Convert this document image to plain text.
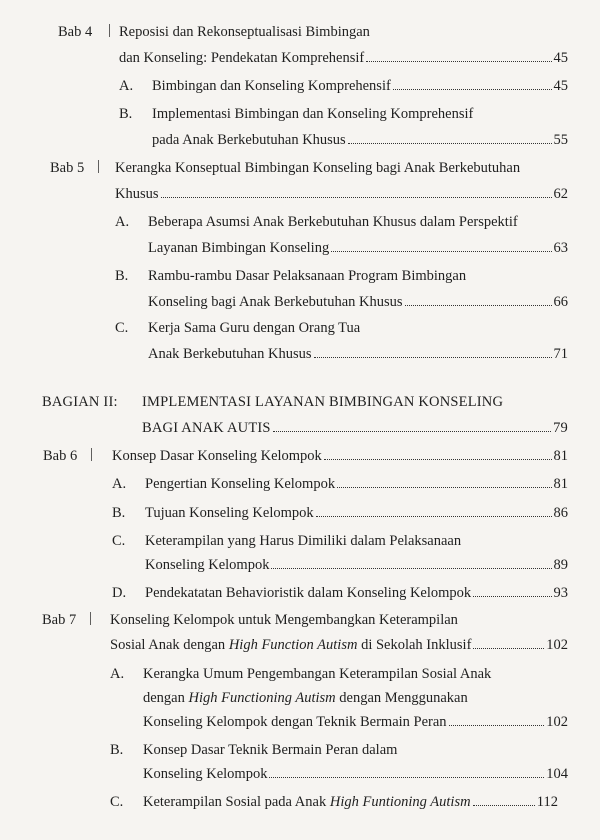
Bab 4 | Reposisi dan Rekonseptualisasi Bimbingan
dan Konseling: Pendekatan Komprehensif	45
A. Bimbingan dan Konseling Komprehensif	45
B. Implementasi Bimbingan dan Konseling Komprehensif
pada Anak Berkebutuhan Khusus	55
Bab 5 | Kerangka Konseptual Bimbingan Konseling bagi Anak Berkebutuhan
Khusus	62
A. Beberapa Asumsi Anak Berkebutuhan Khusus dalam Perspektif
Layanan Bimbingan Konseling	63
B. Rambu-rambu Dasar Pelaksanaan Program Bimbingan
Konseling bagi Anak Berkebutuhan Khusus	66
C. Kerja Sama Guru dengan Orang Tua
Anak Berkebutuhan Khusus	71
BAGIAN II: IMPLEMENTASI LAYANAN BIMBINGAN KONSELING
BAGI ANAK AUTIS	79
Bab 6 | Konsep Dasar Konseling Kelompok	81
A. Pengertian Konseling Kelompok	81
B. Tujuan Konseling Kelompok	86
C. Keterampilan yang Harus Dimiliki dalam Pelaksanaan
Konseling Kelompok	89
D. Pendekatatan Behavioristik dalam Konseling Kelompok	93
Bab 7 | Konseling Kelompok untuk Mengembangkan Keterampilan
Sosial Anak dengan High Function Autism di Sekolah Inklusif	102
A. Kerangka Umum Pengembangan Keterampilan Sosial Anak
dengan High Functioning Autism dengan Menggunakan
Konseling Kelompok dengan Teknik Bermain Peran	102
B. Konsep Dasar Teknik Bermain Peran dalam
Konseling Kelompok	104
C. Keterampilan Sosial pada Anak High Funtioning Autism	112
